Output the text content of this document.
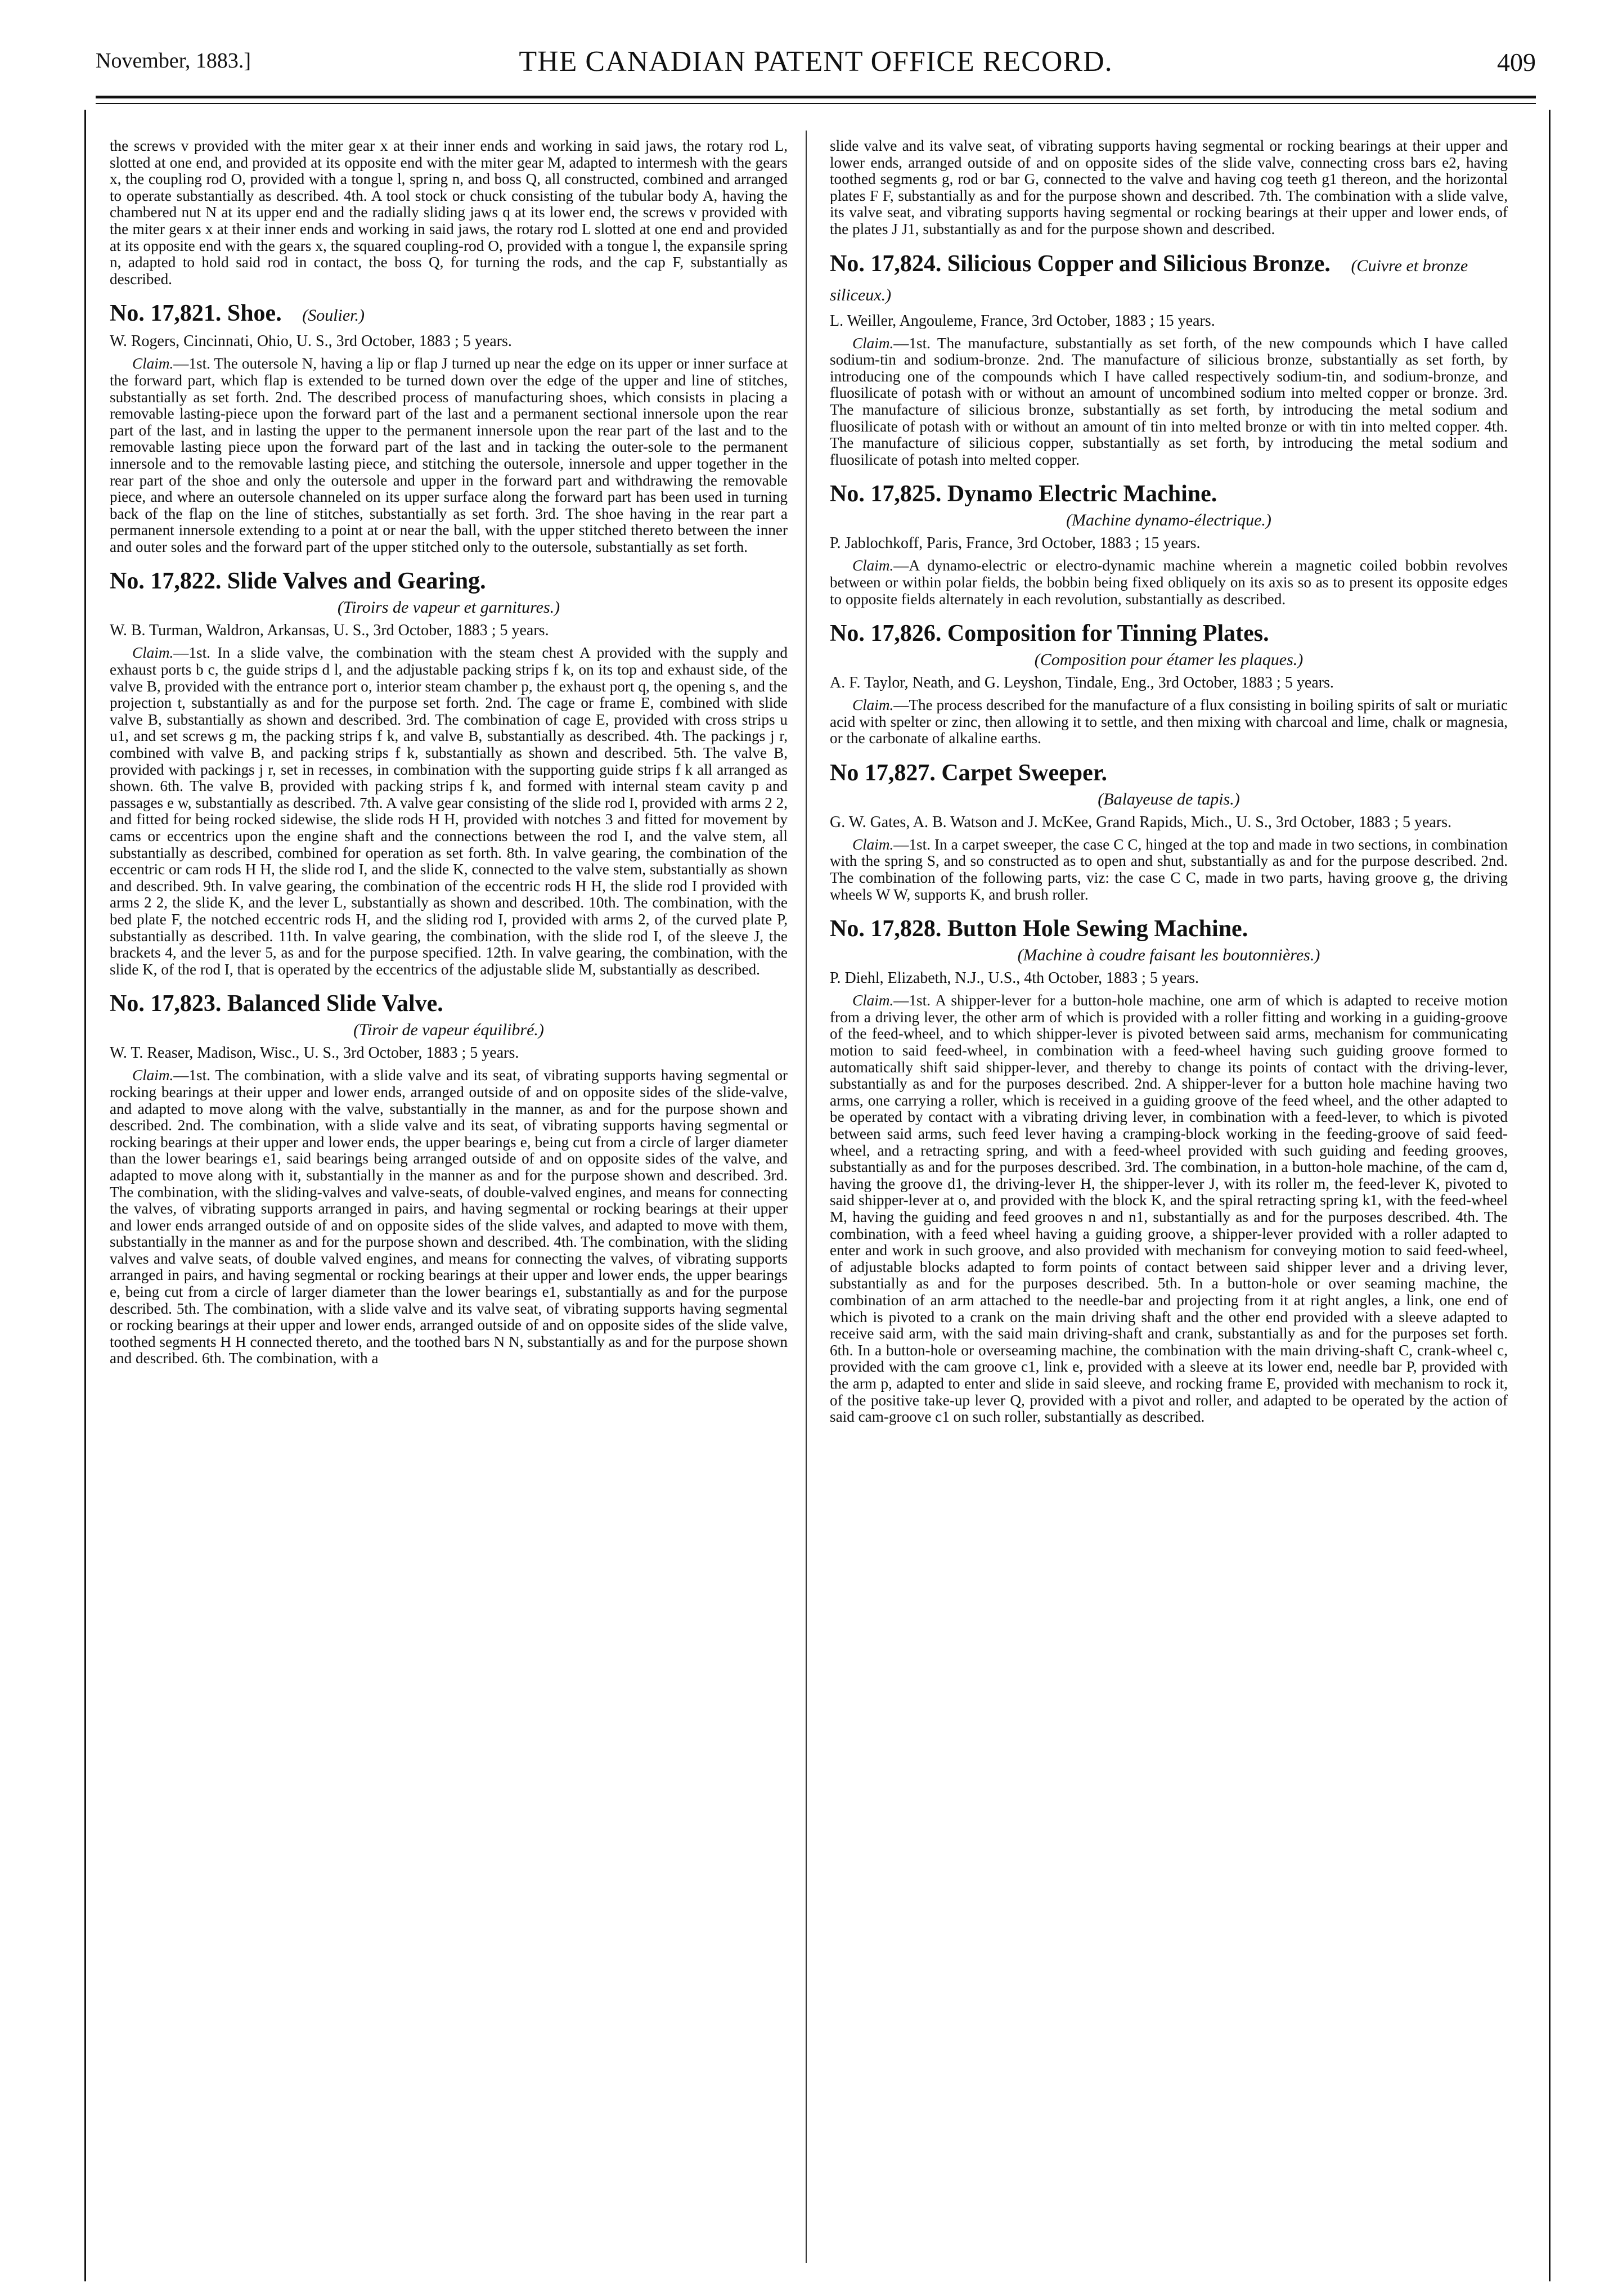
November, 1883.]	THE CANADIAN PATENT OFFICE RECORD.	409

the screws v provided with the miter gear x at their inner ends and working in said jaws, the rotary rod L, slotted at one end, and provided at its opposite end with the miter gear M, adapted to intermesh with the gears x, the coupling rod O, provided with a tongue l, spring n, and boss Q, all constructed, combined and arranged to operate substantially as described. 4th. A tool stock or chuck consisting of the tubular body A, having the chambered nut N at its upper end and the radially sliding jaws q at its lower end, the screws v provided with the miter gears x at their inner ends and working in said jaws, the rotary rod L slotted at one end and provided at its opposite end with the gears x, the squared coupling-rod O, provided with a tongue l, the expansile spring n, adapted to hold said rod in contact, the boss Q, for turning the rods, and the cap F, substantially as described.

No. 17,821. Shoe. (Soulier.)

W. Rogers, Cincinnati, Ohio, U. S., 3rd October, 1883 ; 5 years.

Claim.—1st. The outersole N, having a lip or flap J turned up near the edge on its upper or inner surface at the forward part, which flap is extended to be turned down over the edge of the upper and line of stitches, substantially as set forth. 2nd. The described process of manufacturing shoes, which consists in placing a removable lasting-piece upon the forward part of the last and a permanent sectional innersole upon the rear part of the last, and in lasting the upper to the permanent innersole upon the rear part of the last and to the removable lasting piece upon the forward part of the last and in tacking the outer-sole to the permanent innersole and to the removable lasting piece, and stitching the outersole, innersole and upper together in the rear part of the shoe and only the outersole and upper in the forward part and withdrawing the removable piece, and where an outersole channeled on its upper surface along the forward part has been used in turning back of the flap on the line of stitches, substantially as set forth. 3rd. The shoe having in the rear part a permanent innersole extending to a point at or near the ball, with the upper stitched thereto between the inner and outer soles and the forward part of the upper stitched only to the outersole, substantially as set forth.

No. 17,822. Slide Valves and Gearing.
(Tiroirs de vapeur et garnitures.)

W. B. Turman, Waldron, Arkansas, U. S., 3rd October, 1883 ; 5 years.

Claim.—1st. In a slide valve, the combination with the steam chest A provided with the supply and exhaust ports b c, the guide strips d l, and the adjustable packing strips f k, on its top and exhaust side, of the valve B, provided with the entrance port o, interior steam chamber p, the exhaust port q, the opening s, and the projection t, substantially as and for the purpose set forth. 2nd. The cage or frame E, combined with slide valve B, substantially as shown and described. 3rd. The combination of cage E, provided with cross strips u u1, and set screws g m, the packing strips f k, and valve B, substantially as described. 4th. The packings j r, combined with valve B, and packing strips f k, substantially as shown and described. 5th. The valve B, provided with packings j r, set in recesses, in combination with the supporting guide strips f k all arranged as shown. 6th. The valve B, provided with packing strips f k, and formed with internal steam cavity p and passages e w, substantially as described. 7th. A valve gear consisting of the slide rod I, provided with arms 2 2, and fitted for being rocked sidewise, the slide rods H H, provided with notches 3 and fitted for movement by cams or eccentrics upon the engine shaft and the connections between the rod I, and the valve stem, all substantially as described, combined for operation as set forth. 8th. In valve gearing, the combination of the eccentric or cam rods H H, the slide rod I, and the slide K, connected to the valve stem, substantially as shown and described. 9th. In valve gearing, the combination of the eccentric rods H H, the slide rod I provided with arms 2 2, the slide K, and the lever L, substantially as shown and described. 10th. The combination, with the bed plate F, the notched eccentric rods H, and the sliding rod I, provided with arms 2, of the curved plate P, substantially as described. 11th. In valve gearing, the combination, with the slide rod I, of the sleeve J, the brackets 4, and the lever 5, as and for the purpose specified. 12th. In valve gearing, the combination, with the slide K, of the rod I, that is operated by the eccentrics of the adjustable slide M, substantially as described.

No. 17,823. Balanced Slide Valve.
(Tiroir de vapeur équilibré.)

W. T. Reaser, Madison, Wisc., U. S., 3rd October, 1883 ; 5 years.

Claim.—1st. The combination, with a slide valve and its seat, of vibrating supports having segmental or rocking bearings at their upper and lower ends, arranged outside of and on opposite sides of the slide-valve, and adapted to move along with the valve, substantially in the manner, as and for the purpose shown and described. 2nd. The combination, with a slide valve and its seat, of vibrating supports having segmental or rocking bearings at their upper and lower ends, the upper bearings e, being cut from a circle of larger diameter than the lower bearings e1, said bearings being arranged outside of and on opposite sides of the valve, and adapted to move along with it, substantially in the manner as and for the purpose shown and described. 3rd. The combination, with the sliding-valves and valve-seats, of double-valved engines, and means for connecting the valves, of vibrating supports arranged in pairs, and having segmental or rocking bearings at their upper and lower ends arranged outside of and on opposite sides of the slide valves, and adapted to move with them, substantially in the manner as and for the purpose shown and described. 4th. The combination, with the sliding valves and valve seats, of double valved engines, and means for connecting the valves, of vibrating supports arranged in pairs, and having segmental or rocking bearings at their upper and lower ends, the upper bearings e, being cut from a circle of larger diameter than the lower bearings e1, substantially as and for the purpose described. 5th. The combination, with a slide valve and its valve seat, of vibrating supports having segmental or rocking bearings at their upper and lower ends, arranged outside of and on opposite sides of the slide valve, toothed segments H H connected thereto, and the toothed bars N N, substantially as and for the purpose shown and described. 6th. The combination, with a

slide valve and its valve seat, of vibrating supports having segmental or rocking bearings at their upper and lower ends, arranged outside of and on opposite sides of the slide valve, connecting cross bars e2, having toothed segments g, rod or bar G, connected to the valve and having cog teeth g1 thereon, and the horizontal plates F F, substantially as and for the purpose shown and described. 7th. The combination with a slide valve, its valve seat, and vibrating supports having segmental or rocking bearings at their upper and lower ends, of the plates J J1, substantially as and for the purpose shown and described.

No. 17,824. Silicious Copper and Silicious Bronze. (Cuivre et bronze siliceux.)

L. Weiller, Angouleme, France, 3rd October, 1883 ; 15 years.

Claim.—1st. The manufacture, substantially as set forth, of the new compounds which I have called sodium-tin and sodium-bronze. 2nd. The manufacture of silicious bronze, substantially as set forth, by introducing one of the compounds which I have called respectively sodium-tin, and sodium-bronze, and fluosilicate of potash with or without an amount of uncombined sodium into melted copper or bronze. 3rd. The manufacture of silicious bronze, substantially as set forth, by introducing the metal sodium and fluosilicate of potash with or without an amount of tin into melted bronze or with tin into melted copper. 4th. The manufacture of silicious copper, substantially as set forth, by introducing the metal sodium and fluosilicate of potash into melted copper.

No. 17,825. Dynamo Electric Machine.
(Machine dynamo-électrique.)

P. Jablochkoff, Paris, France, 3rd October, 1883 ; 15 years.

Claim.—A dynamo-electric or electro-dynamic machine wherein a magnetic coiled bobbin revolves between or within polar fields, the bobbin being fixed obliquely on its axis so as to present its opposite edges to opposite fields alternately in each revolution, substantially as described.

No. 17,826. Composition for Tinning Plates.
(Composition pour étamer les plaques.)

A. F. Taylor, Neath, and G. Leyshon, Tindale, Eng., 3rd October, 1883 ; 5 years.

Claim.—The process described for the manufacture of a flux consisting in boiling spirits of salt or muriatic acid with spelter or zinc, then allowing it to settle, and then mixing with charcoal and lime, chalk or magnesia, or the carbonate of alkaline earths.

No 17,827. Carpet Sweeper.
(Balayeuse de tapis.)

G. W. Gates, A. B. Watson and J. McKee, Grand Rapids, Mich., U. S., 3rd October, 1883 ; 5 years.

Claim.—1st. In a carpet sweeper, the case C C, hinged at the top and made in two sections, in combination with the spring S, and so constructed as to open and shut, substantially as and for the purpose described. 2nd. The combination of the following parts, viz: the case C C, made in two parts, having groove g, the driving wheels W W, supports K, and brush roller.

No. 17,828. Button Hole Sewing Machine.
(Machine à coudre faisant les boutonnières.)

P. Diehl, Elizabeth, N.J., U.S., 4th October, 1883 ; 5 years.

Claim.—1st. A shipper-lever for a button-hole machine, one arm of which is adapted to receive motion from a driving lever, the other arm of which is provided with a roller fitting and working in a guiding-groove of the feed-wheel, and to which shipper-lever is pivoted between said arms, mechanism for communicating motion to said feed-wheel, in combination with a feed-wheel having such guiding groove formed to automatically shift said shipper-lever, and thereby to change its points of contact with the driving-lever, substantially as and for the purposes described. 2nd. A shipper-lever for a button hole machine having two arms, one carrying a roller, which is received in a guiding groove of the feed wheel, and the other adapted to be operated by contact with a vibrating driving lever, in combination with a feed-lever, to which is pivoted between said arms, such feed lever having a cramping-block working in the feeding-groove of said feed-wheel, and a retracting spring, and with a feed-wheel provided with such guiding and feeding grooves, substantially as and for the purposes described. 3rd. The combination, in a button-hole machine, of the cam d, having the groove d1, the driving-lever H, the shipper-lever J, with its roller m, the feed-lever K, pivoted to said shipper-lever at o, and provided with the block K, and the spiral retracting spring k1, with the feed-wheel M, having the guiding and feed grooves n and n1, substantially as and for the purposes described. 4th. The combination, with a feed wheel having a guiding groove, a shipper-lever provided with a roller adapted to enter and work in such groove, and also provided with mechanism for conveying motion to said feed-wheel, of adjustable blocks adapted to form points of contact between said shipper lever and a driving lever, substantially as and for the purposes described. 5th. In a button-hole or over seaming machine, the combination of an arm attached to the needle-bar and projecting from it at right angles, a link, one end of which is pivoted to a crank on the main driving shaft and the other end provided with a sleeve adapted to receive said arm, with the said main driving-shaft and crank, substantially as and for the purposes set forth. 6th. In a button-hole or overseaming machine, the combination with the main driving-shaft C, crank-wheel c, provided with the cam groove c1, link e, provided with a sleeve at its lower end, needle bar P, provided with the arm p, adapted to enter and slide in said sleeve, and rocking frame E, provided with mechanism to rock it, of the positive take-up lever Q, provided with a pivot and roller, and adapted to be operated by the action of said cam-groove c1 on such roller, substantially as described.
